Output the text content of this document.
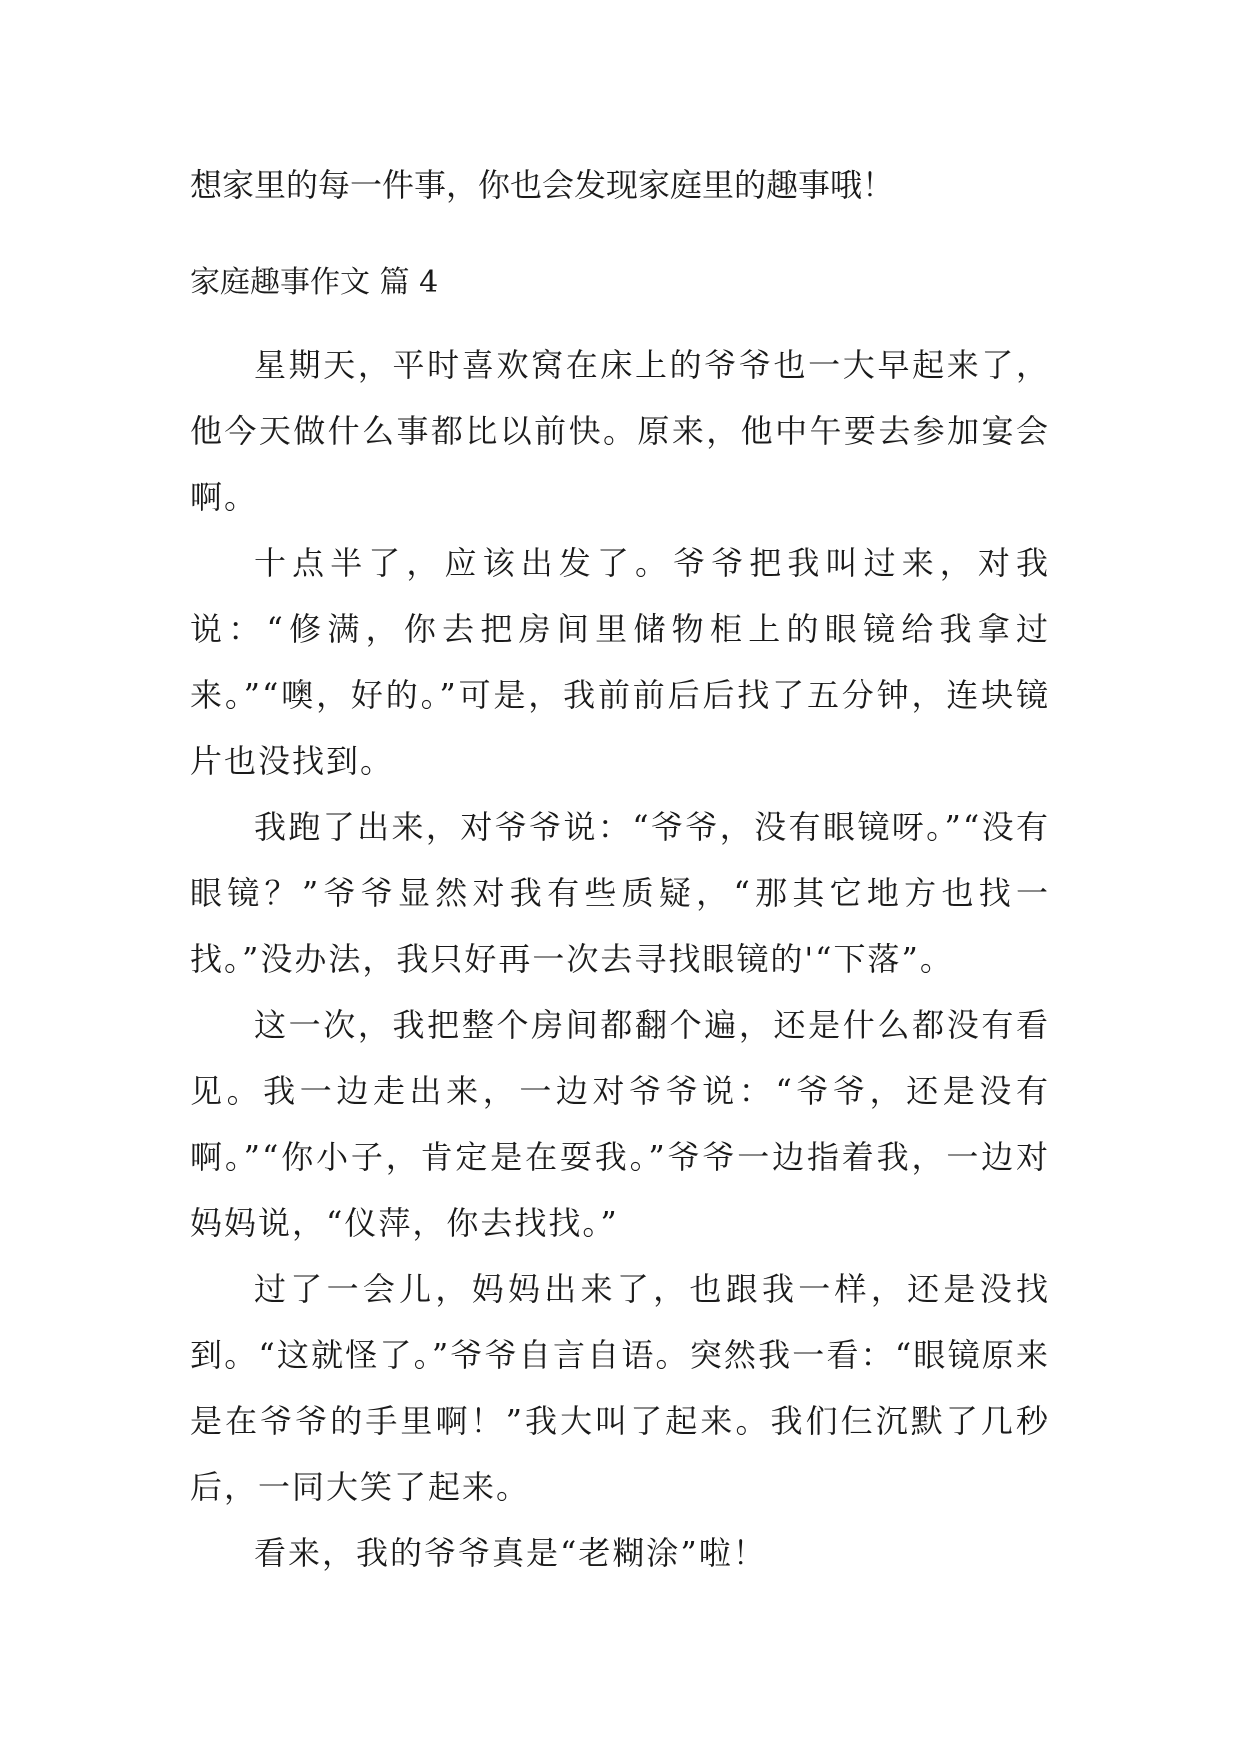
想家里的每一件事，你也会发现家庭里的趣事哦！

家庭趣事作文 篇 4

星期天，平时喜欢窝在床上的爷爷也一大早起来了，他今天做什么事都比以前快。原来，他中午要去参加宴会啊。

十点半了，应该出发了。爷爷把我叫过来，对我说：“修满，你去把房间里储物柜上的眼镜给我拿过来。”“噢，好的。”可是，我前前后后找了五分钟，连块镜片也没找到。

我跑了出来，对爷爷说：“爷爷，没有眼镜呀。”“没有眼镜？”爷爷显然对我有些质疑，“那其它地方也找一找。”没办法，我只好再一次去寻找眼镜的'“下落”。

这一次，我把整个房间都翻个遍，还是什么都没有看见。我一边走出来，一边对爷爷说：“爷爷，还是没有啊。”“你小子，肯定是在耍我。”爷爷一边指着我，一边对妈妈说，“仪萍，你去找找。”

过了一会儿，妈妈出来了，也跟我一样，还是没找到。“这就怪了。”爷爷自言自语。突然我一看：“眼镜原来是在爷爷的手里啊！”我大叫了起来。我们仨沉默了几秒后，一同大笑了起来。

看来，我的爷爷真是“老糊涂”啦！
